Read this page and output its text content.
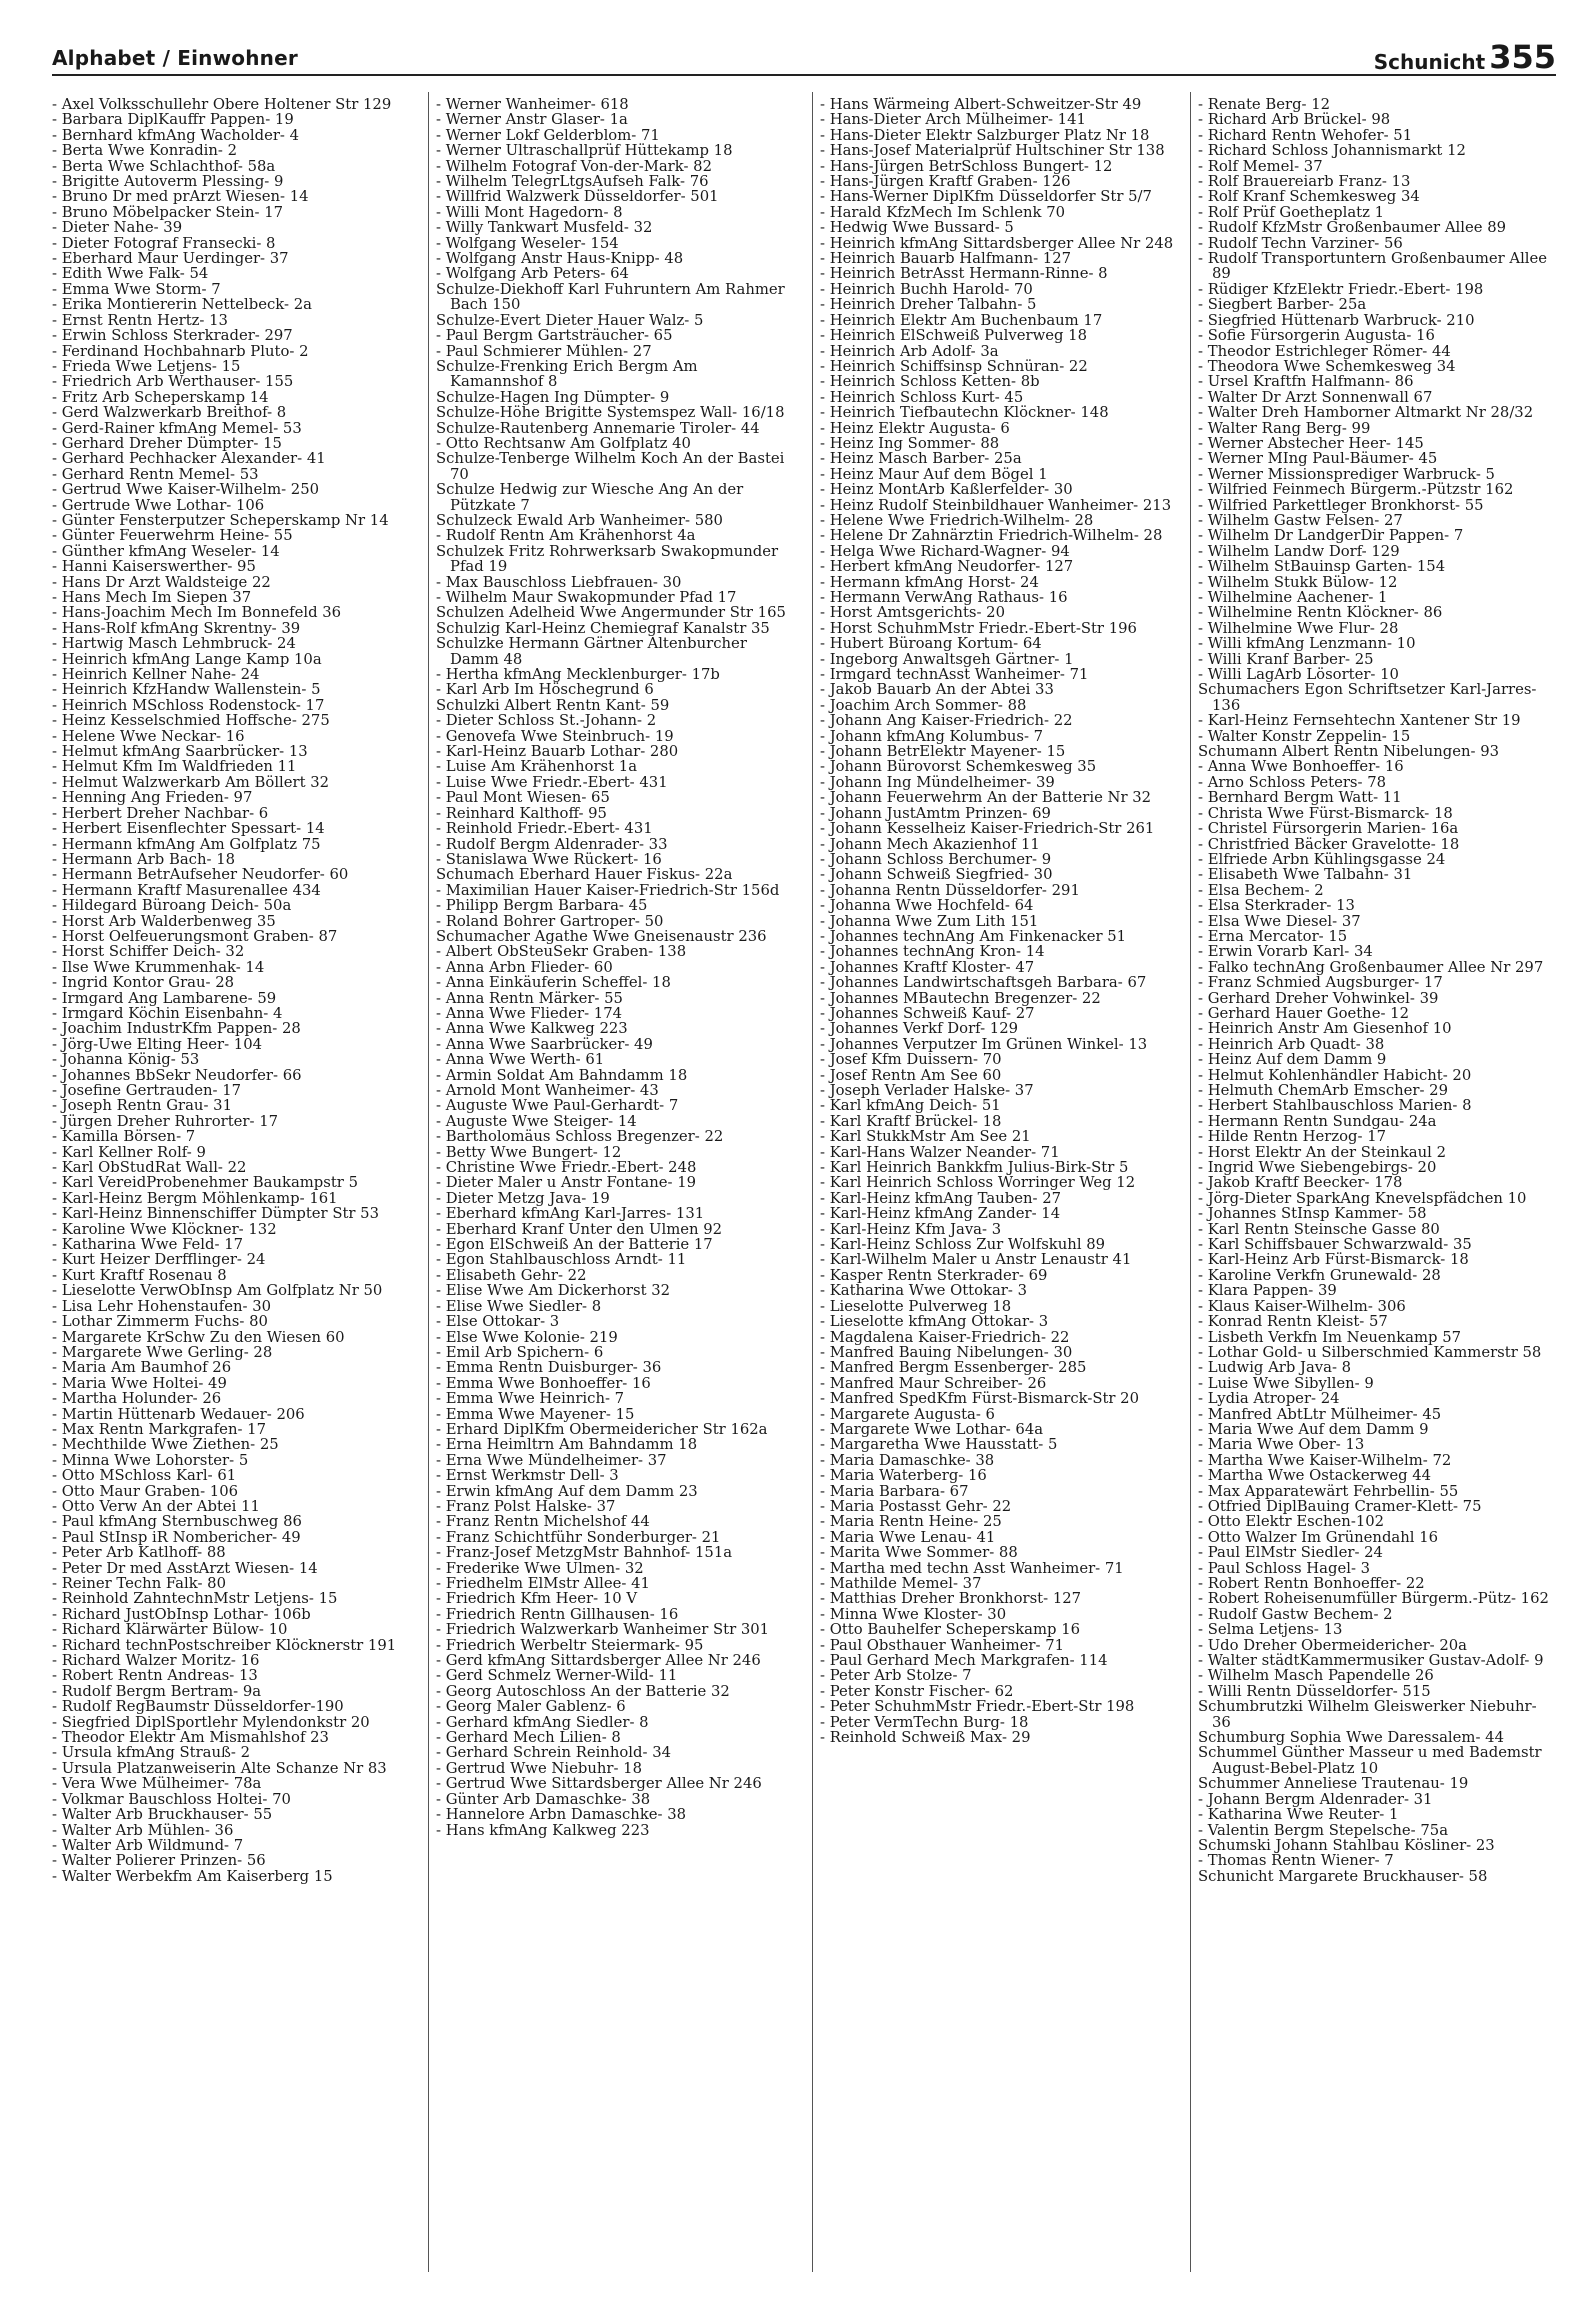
Alphabet / Einwohner	Schunicht 355
- Axel Volksschullehr Obere Holtener Str 129
- Barbara DiplKauffr Pappen- 19
- Bernhard kfmAng Wacholder- 4
- Berta Wwe Konradin- 2
- Berta Wwe Schlachthof- 58a
- Brigitte Autoverm Plessing- 9
- Bruno Dr med prArzt Wiesen- 14
- Bruno Möbelpacker Stein- 17
- Dieter Nahe- 39
- Dieter Fotograf Fransecki- 8
- Eberhard Maur Uerdinger- 37
- Edith Wwe Falk- 54
- Emma Wwe Storm- 7
- Erika Montiererin Nettelbeck- 2a
- Ernst Rentn Hertz- 13
- Erwin Schloss Sterkrader- 297
- Ferdinand Hochbahnarb Pluto- 2
- Frieda Wwe Letjens- 15
- Friedrich Arb Werthauser- 155
- Fritz Arb Scheperskamp 14
- Gerd Walzwerkarb Breithof- 8
- Gerd-Rainer kfmAng Memel- 53
- Gerhard Dreher Dümpter- 15
- Gerhard Pechhacker Alexander- 41
- Gerhard Rentn Memel- 53
- Gertrud Wwe Kaiser-Wilhelm- 250
- Gertrude Wwe Lothar- 106
- Günter Fensterputzer Scheperskamp Nr 14
- Günter Feuerwehrm Heine- 55
- Günther kfmAng Weseler- 14
- Hanni Kaiserswerther- 95
- Hans Dr Arzt Waldsteige 22
- Hans Mech Im Siepen 37
- Hans-Joachim Mech Im Bonnefeld 36
- Hans-Rolf kfmAng Skrentny- 39
- Hartwig Masch Lehmbruck- 24
- Heinrich kfmAng Lange Kamp 10a
- Heinrich Kellner Nahe- 24
- Heinrich KfzHandw Wallenstein- 5
- Heinrich MSchloss Rodenstock- 17
- Heinz Kesselschmied Hoffsche- 275
- Helene Wwe Neckar- 16
- Helmut kfmAng Saarbrücker- 13
- Helmut Kfm Im Waldfrieden 11
- Helmut Walzwerkarb Am Böllert 32
- Henning Ang Frieden- 97
- Herbert Dreher Nachbar- 6
- Herbert Eisenflechter Spessart- 14
- Hermann kfmAng Am Golfplatz 75
- Hermann Arb Bach- 18
- Hermann BetrAufseher Neudorfer- 60
- Hermann Kraftf Masurenallee 434
- Hildegard Büroang Deich- 50a
- Horst Arb Walderbenweg 35
- Horst Oelfeuerungsmont Graben- 87
- Horst Schiffer Deich- 32
- Ilse Wwe Krummenhak- 14
- Ingrid Kontor Grau- 28
- Irmgard Ang Lambarene- 59
- Irmgard Köchin Eisenbahn- 4
- Joachim IndustrKfm Pappen- 28
- Jörg-Uwe Elting Heer- 104
- Johanna König- 53
- Johannes BbSekr Neudorfer- 66
- Josefine Gertrauden- 17
- Joseph Rentn Grau- 31
- Jürgen Dreher Ruhrorter- 17
- Kamilla Börsen- 7
- Karl Kellner Rolf- 9
- Karl ObStudRat Wall- 22
- Karl VereidProbenehmer Baukampstr 5
- Karl-Heinz Bergm Möhlenkamp- 161
- Karl-Heinz Binnenschiffer Dümpter Str 53
- Karoline Wwe Klöckner- 132
- Katharina Wwe Feld- 17
- Kurt Heizer Derfflinger- 24
- Kurt Kraftf Rosenau 8
- Lieselotte VerwObInsp Am Golfplatz Nr 50
- Lisa Lehr Hohenstaufen- 30
- Lothar Zimmerm Fuchs- 80
- Margarete KrSchw Zu den Wiesen 60
- Margarete Wwe Gerling- 28
- Maria Am Baumhof 26
- Maria Wwe Holtei- 49
- Martha Holunder- 26
- Martin Hüttenarb Wedauer- 206
- Max Rentn Markgrafen- 17
- Mechthilde Wwe Ziethen- 25
- Minna Wwe Lohorster- 5
- Otto MSchloss Karl- 61
- Otto Maur Graben- 106
- Otto Verw An der Abtei 11
- Paul kfmAng Sternbuschweg 86
- Paul StInsp iR Nombericher- 49
- Peter Arb Katlhoff- 88
- Peter Dr med AsstArzt Wiesen- 14
- Reiner Techn Falk- 80
- Reinhold ZahntechnMstr Letjens- 15
- Richard JustObInsp Lothar- 106b
- Richard Klärwärter Bülow- 10
- Richard technPostschreiber Klöcknerstr 191
- Richard Walzer Moritz- 16
- Robert Rentn Andreas- 13
- Rudolf Bergm Bertram- 9a
- Rudolf RegBaumstr Düsseldorfer-190
- Siegfried DiplSportlehr Mylendonkstr 20
- Theodor Elektr Am Mismahlshof 23
- Ursula kfmAng Strauß- 2
- Ursula Platzanweiserin Alte Schanze Nr 83
- Vera Wwe Mülheimer- 78a
- Volkmar Bauschloss Holtei- 70
- Walter Arb Bruckhauser- 55
- Walter Arb Mühlen- 36
- Walter Arb Wildmund- 7
- Walter Polierer Prinzen- 56
- Walter Werbekfm Am Kaiserberg 15
- Werner Wanheimer- 618
- Werner Anstr Glaser- 1a
- Werner Lokf Gelderblom- 71
- Werner Ultraschallprüf Hüttekamp 18
- Wilhelm Fotograf Von-der-Mark- 82
- Wilhelm TelegrLtgsAufseh Falk- 76
- Willfrid Walzwerk Düsseldorfer- 501
- Willi Mont Hagedorn- 8
- Willy Tankwart Musfeld- 32
- Wolfgang Weseler- 154
- Wolfgang Anstr Haus-Knipp- 48
- Wolfgang Arb Peters- 64
Schulze-Diekhoff Karl Fuhruntern Am Rahmer Bach 150
Schulze-Evert Dieter Hauer Walz- 5
- Paul Bergm Gartsträucher- 65
- Paul Schmierer Mühlen- 27
Schulze-Frenking Erich Bergm Am Kamannshof 8
Schulze-Hagen Ing Dümpter- 9
Schulze-Höhe Brigitte Systemspez Wall- 16/18
Schulze-Rautenberg Annemarie Tiroler- 44
- Otto Rechtsanw Am Golfplatz 40
Schulze-Tenberge Wilhelm Koch An der Bastei 70
Schulze Hedwig zur Wiesche Ang An der Pützkate 7
Schulzeck Ewald Arb Wanheimer- 580
- Rudolf Rentn Am Krähenhorst 4a
Schulzek Fritz Rohrwerksarb Swakopmunder Pfad 19
- Max Bauschloss Liebfrauen- 30
- Wilhelm Maur Swakopmunder Pfad 17
Schulzen Adelheid Wwe Angermunder Str 165
Schulzig Karl-Heinz Chemiegraf Kanalstr 35
Schulzke Hermann Gärtner Altenburcher Damm 48
- Hertha kfmAng Mecklenburger- 17b
- Karl Arb Im Höschegrund 6
Schulzki Albert Rentn Kant- 59
- Dieter Schloss St.-Johann- 2
- Genovefa Wwe Steinbruch- 19
- Karl-Heinz Bauarb Lothar- 280
- Luise Am Krähenhorst 1a
- Luise Wwe Friedr.-Ebert- 431
- Paul Mont Wiesen- 65
- Reinhard Kalthoff- 95
- Reinhold Friedr.-Ebert- 431
- Rudolf Bergm Aldenrader- 33
- Stanislawa Wwe Rückert- 16
Schumach Eberhard Hauer Fiskus- 22a
- Maximilian Hauer Kaiser-Friedrich-Str 156d
- Philipp Bergm Barbara- 45
- Roland Bohrer Gartroper- 50
Schumacher Agathe Wwe Gneisenaustr 236
- Albert ObSteuSekr Graben- 138
- Anna Arbn Flieder- 60
- Anna Einkäuferin Scheffel- 18
- Anna Rentn Märker- 55
- Anna Wwe Flieder- 174
- Anna Wwe Kalkweg 223
- Anna Wwe Saarbrücker- 49
- Anna Wwe Werth- 61
- Armin Soldat Am Bahndamm 18
- Arnold Mont Wanheimer- 43
- Auguste Wwe Paul-Gerhardt- 7
- Auguste Wwe Steiger- 14
- Bartholomäus Schloss Bregenzer- 22
- Betty Wwe Bungert- 12
- Christine Wwe Friedr.-Ebert- 248
- Dieter Maler u Anstr Fontane- 19
- Dieter Metzg Java- 19
- Eberhard kfmAng Karl-Jarres- 131
- Eberhard Kranf Unter den Ulmen 92
- Egon ElSchweiß An der Batterie 17
- Egon Stahlbauschloss Arndt- 11
- Elisabeth Gehr- 22
- Elise Wwe Am Dickerhorst 32
- Elise Wwe Siedler- 8
- Else Ottokar- 3
- Else Wwe Kolonie- 219
- Emil Arb Spichern- 6
- Emma Rentn Duisburger- 36
- Emma Wwe Bonhoeffer- 16
- Emma Wwe Heinrich- 7
- Emma Wwe Mayener- 15
- Erhard DiplKfm Obermeidericher Str 162a
- Erna Heimltrn Am Bahndamm 18
- Erna Wwe Mündelheimer- 37
- Ernst Werkmstr Dell- 3
- Erwin kfmAng Auf dem Damm 23
- Franz Polst Halske- 37
- Franz Rentn Michelshof 44
- Franz Schichtführ Sonderburger- 21
- Franz-Josef MetzgMstr Bahnhof- 151a
- Frederike Wwe Ulmen- 32
- Friedhelm ElMstr Allee- 41
- Friedrich Kfm Heer- 10 V
- Friedrich Rentn Gillhausen- 16
- Friedrich Walzwerkarb Wanheimer Str 301
- Friedrich Werbeltr Steiermark- 95
- Gerd kfmAng Sittardsberger Allee Nr 246
- Gerd Schmelz Werner-Wild- 11
- Georg Autoschloss An der Batterie 32
- Georg Maler Gablenz- 6
- Gerhard kfmAng Siedler- 8
- Gerhard Mech Lilien- 8
- Gerhard Schrein Reinhold- 34
- Gertrud Wwe Niebuhr- 18
- Gertrud Wwe Sittardsberger Allee Nr 246
- Günter Arb Damaschke- 38
- Hannelore Arbn Damaschke- 38
- Hans kfmAng Kalkweg 223
- Hans Wärmeing Albert-Schweitzer-Str 49
- Hans-Dieter Arch Mülheimer- 141
- Hans-Dieter Elektr Salzburger Platz Nr 18
- Hans-Josef Materialprüf Hultschiner Str 138
- Hans-Jürgen BetrSchloss Bungert- 12
- Hans-Jürgen Kraftf Graben- 126
- Hans-Werner DiplKfm Düsseldorfer Str 5/7
- Harald KfzMech Im Schlenk 70
- Hedwig Wwe Bussard- 5
- Heinrich kfmAng Sittardsberger Allee Nr 248
- Heinrich Bauarb Halfmann- 127
- Heinrich BetrAsst Hermann-Rinne- 8
- Heinrich Buchh Harold- 70
- Heinrich Dreher Talbahn- 5
- Heinrich Elektr Am Buchenbaum 17
- Heinrich ElSchweiß Pulverweg 18
- Heinrich Arb Adolf- 3a
- Heinrich Schiffsinsp Schnüran- 22
- Heinrich Schloss Ketten- 8b
- Heinrich Schloss Kurt- 45
- Heinrich Tiefbautechn Klöckner- 148
- Heinz Elektr Augusta- 6
- Heinz Ing Sommer- 88
- Heinz Masch Barber- 25a
- Heinz Maur Auf dem Bögel 1
- Heinz MontArb Kaßlerfelder- 30
- Heinz Rudolf Steinbildhauer Wanheimer- 213
- Helene Wwe Friedrich-Wilhelm- 28
- Helene Dr Zahnärztin Friedrich-Wilhelm- 28
- Helga Wwe Richard-Wagner- 94
- Herbert kfmAng Neudorfer- 127
- Hermann kfmAng Horst- 24
- Hermann VerwAng Rathaus- 16
- Horst Amtsgerichts- 20
- Horst SchuhmMstr Friedr.-Ebert-Str 196
- Hubert Büroang Kortum- 64
- Ingeborg Anwaltsgeh Gärtner- 1
- Irmgard technAsst Wanheimer- 71
- Jakob Bauarb An der Abtei 33
- Joachim Arch Sommer- 88
- Johann Ang Kaiser-Friedrich- 22
- Johann kfmAng Kolumbus- 7
- Johann BetrElektr Mayener- 15
- Johann Bürovorst Schemkesweg 35
- Johann Ing Mündelheimer- 39
- Johann Feuerwehrm An der Batterie Nr 32
- Johann JustAmtm Prinzen- 69
- Johann Kesselheiz Kaiser-Friedrich-Str 261
- Johann Mech Akazienhof 11
- Johann Schloss Berchumer- 9
- Johann Schweiß Siegfried- 30
- Johanna Rentn Düsseldorfer- 291
- Johanna Wwe Hochfeld- 64
- Johanna Wwe Zum Lith 151
- Johannes technAng Am Finkenacker 51
- Johannes technAng Kron- 14
- Johannes Kraftf Kloster- 47
- Johannes Landwirtschaftsgeh Barbara- 67
- Johannes MBautechn Bregenzer- 22
- Johannes Schweiß Kauf- 27
- Johannes Verkf Dorf- 129
- Johannes Verputzer Im Grünen Winkel- 13
- Josef Kfm Duissern- 70
- Josef Rentn Am See 60
- Joseph Verlader Halske- 37
- Karl kfmAng Deich- 51
- Karl Kraftf Brückel- 18
- Karl StukkMstr Am See 21
- Karl-Hans Walzer Neander- 71
- Karl Heinrich Bankkfm Julius-Birk-Str 5
- Karl Heinrich Schloss Worringer Weg 12
- Karl-Heinz kfmAng Tauben- 27
- Karl-Heinz kfmAng Zander- 14
- Karl-Heinz Kfm Java- 3
- Karl-Heinz Schloss Zur Wolfskuhl 89
- Karl-Wilhelm Maler u Anstr Lenaustr 41
- Kasper Rentn Sterkrader- 69
- Katharina Wwe Ottokar- 3
- Lieselotte Pulverweg 18
- Lieselotte kfmAng Ottokar- 3
- Magdalena Kaiser-Friedrich- 22
- Manfred Bauing Nibelungen- 30
- Manfred Bergm Essenberger- 285
- Manfred Maur Schreiber- 26
- Manfred SpedKfm Fürst-Bismarck-Str 20
- Margarete Augusta- 6
- Margarete Wwe Lothar- 64a
- Margaretha Wwe Hausstatt- 5
- Maria Damaschke- 38
- Maria Waterberg- 16
- Maria Barbara- 67
- Maria Postasst Gehr- 22
- Maria Rentn Heine- 25
- Maria Wwe Lenau- 41
- Marita Wwe Sommer- 88
- Martha med techn Asst Wanheimer- 71
- Mathilde Memel- 37
- Matthias Dreher Bronkhorst- 127
- Minna Wwe Kloster- 30
- Otto Bauhelfer Scheperskamp 16
- Paul Obsthauer Wanheimer- 71
- Paul Gerhard Mech Markgrafen- 114
- Peter Arb Stolze- 7
- Peter Konstr Fischer- 62
- Peter SchuhmMstr Friedr.-Ebert-Str 198
- Peter VermTechn Burg- 18
- Reinhold Schweiß Max- 29
- Renate Berg- 12
- Richard Arb Brückel- 98
- Richard Rentn Wehofer- 51
- Richard Schloss Johannismarkt 12
- Rolf Memel- 37
- Rolf Brauereiarb Franz- 13
- Rolf Kranf Schemkesweg 34
- Rolf Prüf Goetheplatz 1
- Rudolf KfzMstr Großenbaumer Allee 89
- Rudolf Techn Varziner- 56
- Rudolf Transportuntern Großenbaumer Allee 89
- Rüdiger KfzElektr Friedr.-Ebert- 198
- Siegbert Barber- 25a
- Siegfried Hüttenarb Warbruck- 210
- Sofie Fürsorgerin Augusta- 16
- Theodor Estrichleger Römer- 44
- Theodora Wwe Schemkesweg 34
- Ursel Kraftfn Halfmann- 86
- Walter Dr Arzt Sonnenwall 67
- Walter Dreh Hamborner Altmarkt Nr 28/32
- Walter Rang Berg- 99
- Werner Abstecher Heer- 145
- Werner MIng Paul-Bäumer- 45
- Werner Missionsprediger Warbruck- 5
- Wilfried Feinmech Bürgerm.-Pützstr 162
- Wilfried Parkettleger Bronkhorst- 55
- Wilhelm Gastw Felsen- 27
- Wilhelm Dr LandgerDir Pappen- 7
- Wilhelm Landw Dorf- 129
- Wilhelm StBauinsp Garten- 154
- Wilhelm Stukk Bülow- 12
- Wilhelmine Aachener- 1
- Wilhelmine Rentn Klöckner- 86
- Wilhelmine Wwe Flur- 28
- Willi kfmAng Lenzmann- 10
- Willi Kranf Barber- 25
- Willi LagArb Lösorter- 10
Schumachers Egon Schriftsetzer Karl-Jarres- 136
- Karl-Heinz Fernsehtechn Xantener Str 19
- Walter Konstr Zeppelin- 15
Schumann Albert Rentn Nibelungen- 93
- Anna Wwe Bonhoeffer- 16
- Arno Schloss Peters- 78
- Bernhard Bergm Watt- 11
- Christa Wwe Fürst-Bismarck- 18
- Christel Fürsorgerin Marien- 16a
- Christfried Bäcker Gravelotte- 18
- Elfriede Arbn Kühlingsgasse 24
- Elisabeth Wwe Talbahn- 31
- Elsa Bechem- 2
- Elsa Sterkrader- 13
- Elsa Wwe Diesel- 37
- Erna Mercator- 15
- Erwin Vorarb Karl- 34
- Falko technAng Großenbaumer Allee Nr 297
- Franz Schmied Augsburger- 17
- Gerhard Dreher Vohwinkel- 39
- Gerhard Hauer Goethe- 12
- Heinrich Anstr Am Giesenhof 10
- Heinrich Arb Quadt- 38
- Heinz Auf dem Damm 9
- Helmut Kohlenhändler Habicht- 20
- Helmuth ChemArb Emscher- 29
- Herbert Stahlbauschloss Marien- 8
- Hermann Rentn Sundgau- 24a
- Hilde Rentn Herzog- 17
- Horst Elektr An der Steinkaul 2
- Ingrid Wwe Siebengebirgs- 20
- Jakob Kraftf Beecker- 178
- Jörg-Dieter SparkAng Knevelspfädchen 10
- Johannes StInsp Kammer- 58
- Karl Rentn Steinsche Gasse 80
- Karl Schiffsbauer Schwarzwald- 35
- Karl-Heinz Arb Fürst-Bismarck- 18
- Karoline Verkfn Grunewald- 28
- Klara Pappen- 39
- Klaus Kaiser-Wilhelm- 306
- Konrad Rentn Kleist- 57
- Lisbeth Verkfn Im Neuenkamp 57
- Lothar Gold- u Silberschmied Kammerstr 58
- Ludwig Arb Java- 8
- Luise Wwe Sibyllen- 9
- Lydia Atroper- 24
- Manfred AbtLtr Mülheimer- 45
- Maria Wwe Auf dem Damm 9
- Maria Wwe Ober- 13
- Martha Wwe Kaiser-Wilhelm- 72
- Martha Wwe Ostackerweg 44
- Max Apparatewärt Fehrbellin- 55
- Otfried DiplBauing Cramer-Klett- 75
- Otto Elektr Eschen-102
- Otto Walzer Im Grünendahl 16
- Paul ElMstr Siedler- 24
- Paul Schloss Hagel- 3
- Robert Rentn Bonhoeffer- 22
- Robert Roheisenumfüller Bürgerm.-Pütz- 162
- Rudolf Gastw Bechem- 2
- Selma Letjens- 13
- Udo Dreher Obermeidericher- 20a
- Walter städtKammermusiker Gustav-Adolf- 9
- Wilhelm Masch Papendelle 26
- Willi Rentn Düsseldorfer- 515
Schumbrutzki Wilhelm Gleiswerker Niebuhr- 36
Schumburg Sophia Wwe Daressalem- 44
Schummel Günther Masseur u med Bademstr August-Bebel-Platz 10
Schummer Anneliese Trautenau- 19
- Johann Bergm Aldenrader- 31
- Katharina Wwe Reuter- 1
- Valentin Bergm Stepelsche- 75a
Schumski Johann Stahlbau Kösliner- 23
- Thomas Rentn Wiener- 7
Schunicht Margarete Bruckhauser- 58
